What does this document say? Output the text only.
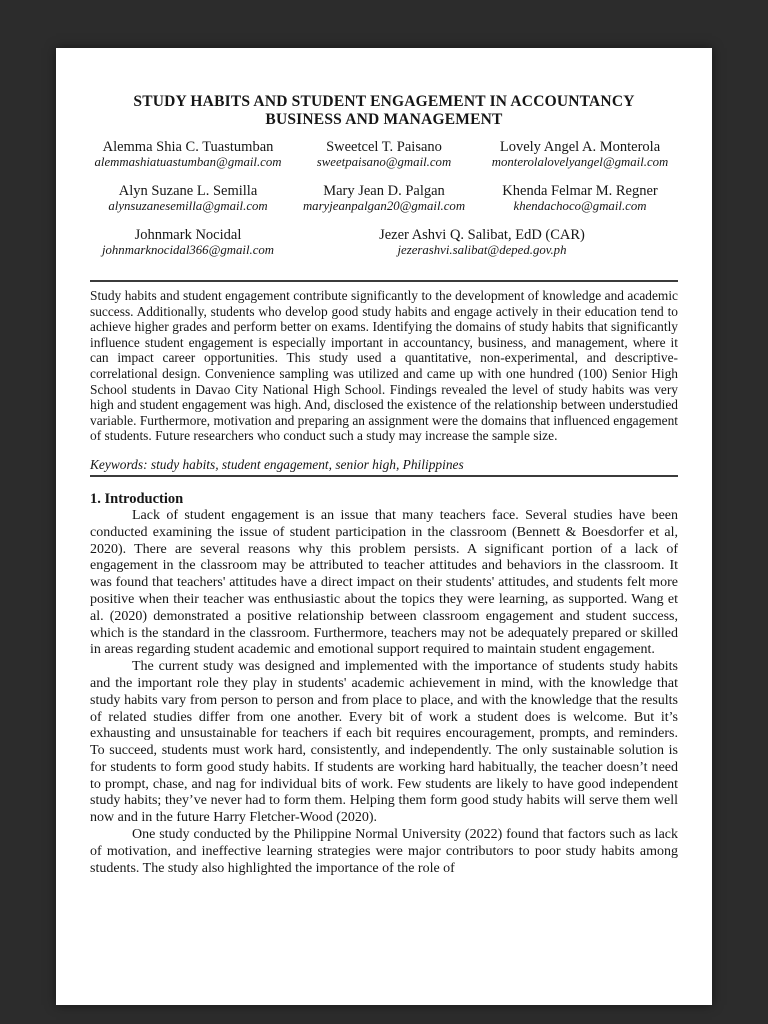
STUDY HABITS AND STUDENT ENGAGEMENT IN ACCOUNTANCY
BUSINESS AND MANAGEMENT
Alemma Shia C. Tuastumban
alemmashiatuastumban@gmail.com
Sweetcel T. Paisano
sweetpaisano@gmail.com
Lovely Angel A. Monterola
monterolalovelyangel@gmail.com
Alyn Suzane L. Semilla
alynsuzanesemilla@gmail.com
Mary Jean D. Palgan
maryjeanpalgan20@gmail.com
Khenda Felmar M. Regner
khendachoco@gmail.com
Johnmark Nocidal
johnmarknocidal366@gmail.com
Jezer Ashvi Q. Salibat, EdD (CAR)
jezerashvi.salibat@deped.gov.ph

Study habits and student engagement contribute significantly to the development of knowledge and academic success. Additionally, students who develop good study habits and engage actively in their education tend to achieve higher grades and perform better on exams. Identifying the domains of study habits that significantly influence student engagement is especially important in accountancy, business, and management, where it can impact career opportunities. This study used a quantitative, non-experimental, and descriptive-correlational design. Convenience sampling was utilized and came up with one hundred (100) Senior High School students in Davao City National High School. Findings revealed the level of study habits was very high and student engagement was high. And, disclosed the existence of the relationship between understudied variable. Furthermore, motivation and preparing an assignment were the domains that influenced engagement of students. Future researchers who conduct such a study may increase the sample size.

Keywords: study habits, student engagement, senior high, Philippines

1. Introduction

Lack of student engagement is an issue that many teachers face. Several studies have been conducted examining the issue of student participation in the classroom (Bennett & Boesdorfer et al, 2020). There are several reasons why this problem persists. A significant portion of a lack of engagement in the classroom may be attributed to teacher attitudes and behaviors in the classroom. It was found that teachers' attitudes have a direct impact on their students' attitudes, and students felt more positive when their teacher was enthusiastic about the topics they were learning, as supported. Wang et al. (2020) demonstrated a positive relationship between classroom engagement and student success, which is the standard in the classroom. Furthermore, teachers may not be adequately prepared or skilled in areas regarding student academic and emotional support required to maintain student engagement.

The current study was designed and implemented with the importance of students study habits and the important role they play in students' academic achievement in mind, with the knowledge that study habits vary from person to person and from place to place, and with the knowledge that the results of related studies differ from one another. Every bit of work a student does is welcome. But it’s exhausting and unsustainable for teachers if each bit requires encouragement, prompts, and reminders. To succeed, students must work hard, consistently, and independently. The only sustainable solution is for students to form good study habits. If students are working hard habitually, the teacher doesn’t need to prompt, chase, and nag for individual bits of work. Few students are likely to have good independent study habits; they’ve never had to form them. Helping them form good study habits will serve them well now and in the future Harry Fletcher-Wood (2020).

One study conducted by the Philippine Normal University (2022) found that factors such as lack of motivation, and ineffective learning strategies were major contributors to poor study habits among students. The study also highlighted the importance of the role of
